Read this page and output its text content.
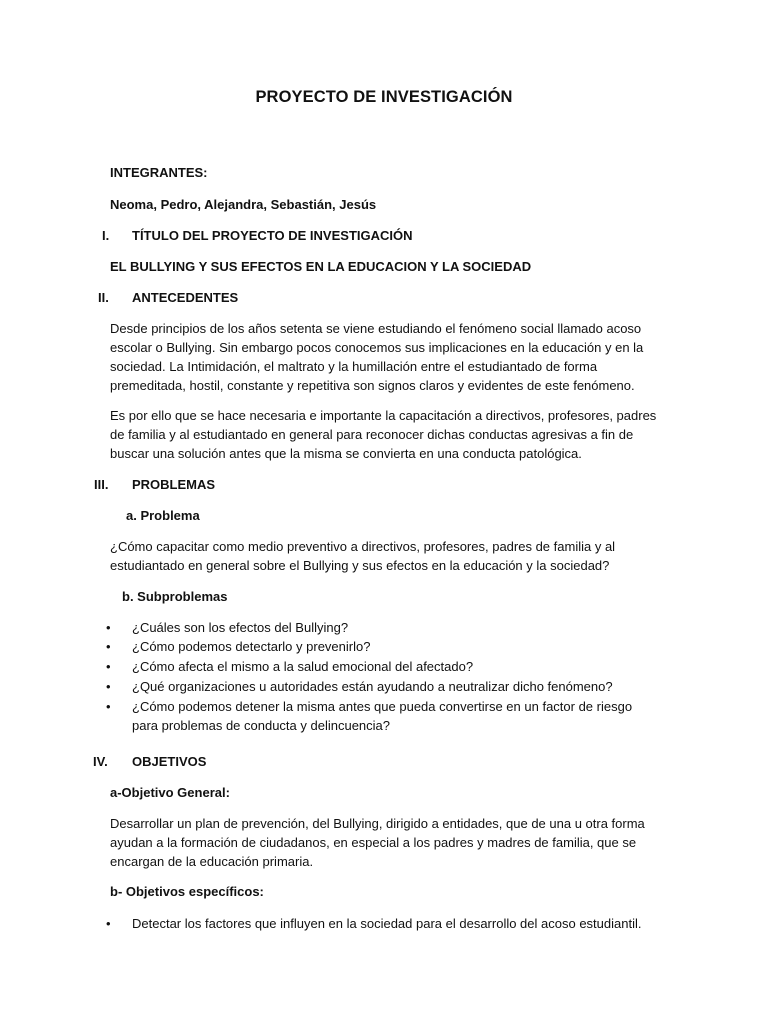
PROYECTO DE INVESTIGACIÓN
INTEGRANTES:
Neoma, Pedro, Alejandra, Sebastián, Jesús
I. TÍTULO DEL PROYECTO DE INVESTIGACIÓN
EL BULLYING Y SUS EFECTOS EN LA EDUCACION Y LA SOCIEDAD
II. ANTECEDENTES
Desde principios de los años setenta se viene estudiando el fenómeno social llamado acoso escolar o Bullying. Sin embargo pocos conocemos sus implicaciones en la educación y en la sociedad. La Intimidación, el maltrato y la humillación entre el estudiantado de forma premeditada, hostil, constante y repetitiva son signos claros y evidentes de este fenómeno.
Es por ello que se hace necesaria e importante la capacitación a directivos, profesores, padres de familia y al estudiantado en general para reconocer dichas conductas agresivas a fin de buscar una solución antes que la misma se convierta en una conducta patológica.
III. PROBLEMAS
a. Problema
¿Cómo capacitar como medio preventivo a directivos, profesores, padres de familia y al estudiantado en general sobre el Bullying y sus efectos en la educación y la sociedad?
b. Subproblemas
• ¿Cuáles son los efectos del Bullying?
• ¿Cómo podemos detectarlo y prevenirlo?
• ¿Cómo afecta el mismo a la salud emocional del afectado?
• ¿Qué organizaciones u autoridades están ayudando a neutralizar dicho fenómeno?
• ¿Cómo podemos detener la misma antes que pueda convertirse en un factor de riesgo
para problemas de conducta y delincuencia?
IV. OBJETIVOS
a-Objetivo General:
Desarrollar un plan de prevención, del Bullying, dirigido a entidades, que de una u otra forma ayudan a la formación de ciudadanos, en especial a los padres y madres de familia, que se encargan de la educación primaria.
b- Objetivos específicos:
• Detectar los factores que influyen en la sociedad para el desarrollo del acoso estudiantil.
